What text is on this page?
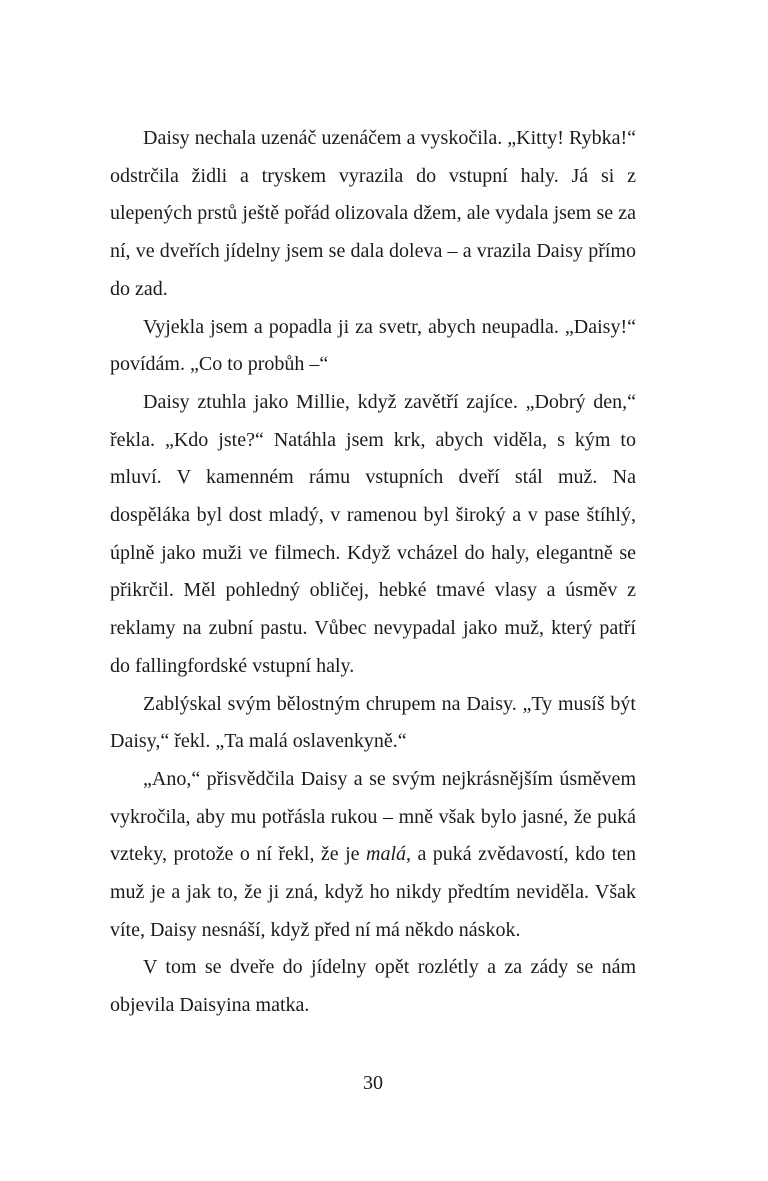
Daisy nechala uzenáč uzenáčem a vyskočila. „Kitty! Rybka!“ odstrčila židli a tryskem vyrazila do vstupní haly. Já si z ulepených prstů ještě pořád olizovala džem, ale vydala jsem se za ní, ve dveřích jídelny jsem se dala doleva – a vrazila Daisy přímo do zad.

Vyjekla jsem a popadla ji za svetr, abych neupadla. „Daisy!“ povídám. „Co to probůh –“

Daisy ztuhla jako Millie, když zavětří zajíce. „Dobrý den,“ řekla. „Kdo jste?“ Natáhla jsem krk, abych viděla, s kým to mluví. V kamenném rámu vstupních dveří stál muž. Na dospěláka byl dost mladý, v ramenou byl široký a v pase štíhlý, úplně jako muži ve filmech. Když vcházel do haly, elegantně se přikrčil. Měl pohledný obličej, hebké tmavé vlasy a úsměv z reklamy na zubní pastu. Vůbec nevypadal jako muž, který patří do fallingfordské vstupní haly.

Zablýskal svým bělostným chrupem na Daisy. „Ty musíš být Daisy,“ řekl. „Ta malá oslavenkyně.“

„Ano,“ přisvědčila Daisy a se svým nejkrásnějším úsměvem vykročila, aby mu potřásla rukou – mně však bylo jasné, že puká vzteky, protože o ní řekl, že je malá, a puká zvědavostí, kdo ten muž je a jak to, že ji zná, když ho nikdy předtím neviděla. Však víte, Daisy nesnáší, když před ní má někdo náskok.

V tom se dveře do jídelny opět rozlétly a za zády se nám objevila Daisyina matka.

30
